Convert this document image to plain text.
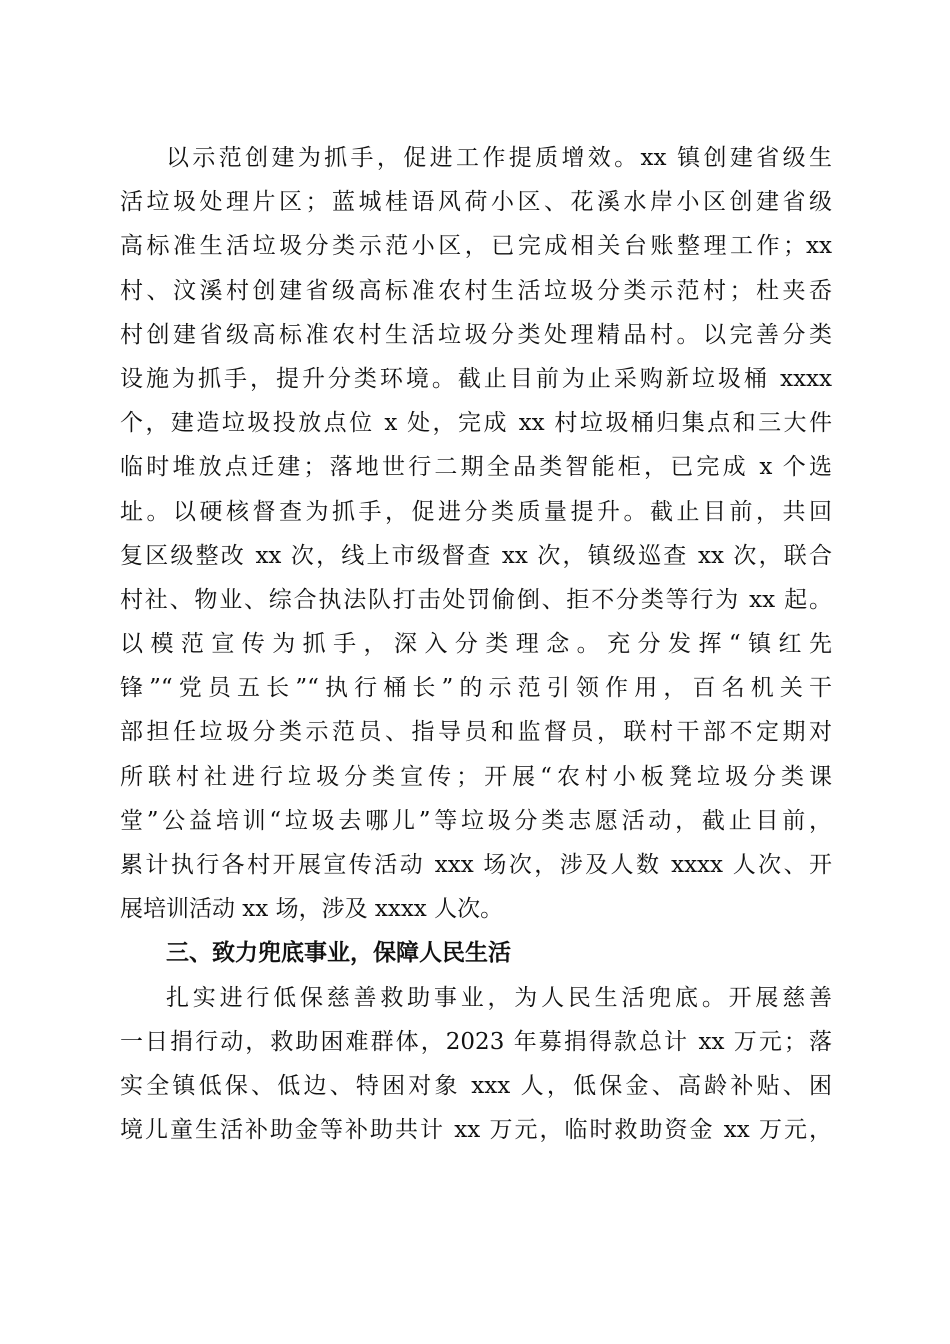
以示范创建为抓手，促进工作提质增效。xx 镇创建省级生
活垃圾处理片区；蓝城桂语风荷小区、花溪水岸小区创建省级
高标准生活垃圾分类示范小区，已完成相关台账整理工作；xx
村、汶溪村创建省级高标准农村生活垃圾分类示范村；杜夹岙
村创建省级高标准农村生活垃圾分类处理精品村。以完善分类
设施为抓手，提升分类环境。截止目前为止采购新垃圾桶 xxxx
个，建造垃圾投放点位 x 处，完成 xx 村垃圾桶归集点和三大件
临时堆放点迁建；落地世行二期全品类智能柜，已完成 x 个选
址。以硬核督查为抓手，促进分类质量提升。截止目前，共回
复区级整改 xx 次，线上市级督查 xx 次，镇级巡查 xx 次，联合
村社、物业、综合执法队打击处罚偷倒、拒不分类等行为 xx 起。
以模范宣传为抓手，深入分类理念。充分发挥“镇红先
锋”“党员五长”“执行桶长”的示范引领作用，百名机关干
部担任垃圾分类示范员、指导员和监督员，联村干部不定期对
所联村社进行垃圾分类宣传；开展“农村小板凳垃圾分类课
堂”公益培训“垃圾去哪儿”等垃圾分类志愿活动，截止目前，
累计执行各村开展宣传活动 xxx 场次，涉及人数 xxxx 人次、开
展培训活动 xx 场，涉及 xxxx 人次。
三、致力兜底事业，保障人民生活
扎实进行低保慈善救助事业，为人民生活兜底。开展慈善
一日捐行动，救助困难群体，2023 年募捐得款总计 xx 万元；落
实全镇低保、低边、特困对象 xxx 人，低保金、高龄补贴、困
境儿童生活补助金等补助共计 xx 万元，临时救助资金 xx 万元，
